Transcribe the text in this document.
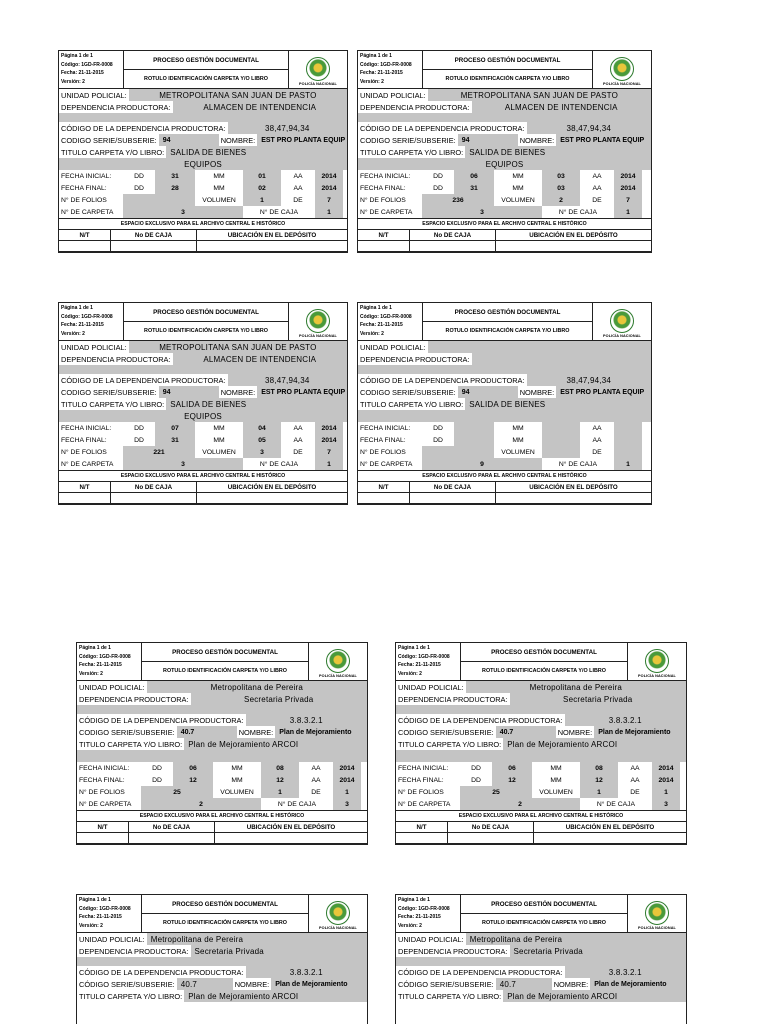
Página 1 de 1
Código: 1GD-FR-0008
Fecha: 21-11-2015
Versión: 2
PROCESO GESTIÓN DOCUMENTAL
ROTULO IDENTIFICACIÓN CARPETA Y/O LIBRO
POLICÍA NACIONAL
UNIDAD POLICIAL:	METROPOLITANA SAN JUAN DE PASTO
DEPENDENCIA PRODUCTORA:	ALMACEN DE INTENDENCIA
CÓDIGO DE LA DEPENDENCIA PRODUCTORA:	38,47,94,34
CODIGO SERIE/SUBSERIE: 94	NOMBRE: EST PRO PLANTA EQUIP
TITULO CARPETA Y/O LIBRO: SALIDA DE BIENES
EQUIPOS
FECHA INICIAL:	DD	31	MM	01	AA	2014
FECHA FINAL:	DD	28	MM	02	AA	2014
N° DE FOLIOS	VOLUMEN	1	DE	7
N° DE CARPETA	3	N° DE CAJA	1
ESPACIO EXCLUSIVO PARA EL ARCHIVO CENTRAL E HISTÓRICO
N/T	No DE CAJA	UBICACIÓN EN EL DEPÓSITO
Página 1 de 1
Código: 1GD-FR-0008
Fecha: 21-11-2015
Versión: 2
PROCESO GESTIÓN DOCUMENTAL
ROTULO IDENTIFICACIÓN CARPETA Y/O LIBRO
POLICÍA NACIONAL
UNIDAD POLICIAL:	METROPOLITANA SAN JUAN DE PASTO
DEPENDENCIA PRODUCTORA:	ALMACEN DE INTENDENCIA
CÓDIGO DE LA DEPENDENCIA PRODUCTORA:	38,47,94,34
CODIGO SERIE/SUBSERIE: 94	NOMBRE: EST PRO PLANTA EQUIP
TITULO CARPETA Y/O LIBRO: SALIDA DE BIENES
EQUIPOS
FECHA INICIAL:	DD	06	MM	03	AA	2014
FECHA FINAL:	DD	31	MM	03	AA	2014
N° DE FOLIOS	236	VOLUMEN	2	DE	7
N° DE CARPETA	3	N° DE CAJA	1
ESPACIO EXCLUSIVO PARA EL ARCHIVO CENTRAL E HISTÓRICO
N/T	No DE CAJA	UBICACIÓN EN EL DEPÓSITO
Página 1 de 1
Código: 1GD-FR-0008
Fecha: 21-11-2015
Versión: 2
PROCESO GESTIÓN DOCUMENTAL
ROTULO IDENTIFICACIÓN CARPETA Y/O LIBRO
POLICÍA NACIONAL
UNIDAD POLICIAL:	METROPOLITANA SAN JUAN DE PASTO
DEPENDENCIA PRODUCTORA:	ALMACEN DE INTENDENCIA
CÓDIGO DE LA DEPENDENCIA PRODUCTORA:	38,47,94,34
CODIGO SERIE/SUBSERIE: 94	NOMBRE: EST PRO PLANTA EQUIP
TITULO CARPETA Y/O LIBRO: SALIDA DE BIENES
EQUIPOS
FECHA INICIAL:	DD	07	MM	04	AA	2014
FECHA FINAL:	DD	31	MM	05	AA	2014
N° DE FOLIOS	221	VOLUMEN	3	DE	7
N° DE CARPETA	3	N° DE CAJA	1
ESPACIO EXCLUSIVO PARA EL ARCHIVO CENTRAL E HISTÓRICO
N/T	No DE CAJA	UBICACIÓN EN EL DEPÓSITO
Página 1 de 1
Código: 1GD-FR-0008
Fecha: 21-11-2015
Versión: 2
PROCESO GESTIÓN DOCUMENTAL
ROTULO IDENTIFICACIÓN CARPETA Y/O LIBRO
POLICÍA NACIONAL
UNIDAD POLICIAL:
DEPENDENCIA PRODUCTORA:
CÓDIGO DE LA DEPENDENCIA PRODUCTORA:	38,47,94,34
CODIGO SERIE/SUBSERIE: 94	NOMBRE: EST PRO PLANTA EQUIP
TITULO CARPETA Y/O LIBRO: SALIDA DE BIENES
FECHA INICIAL:	DD	MM	AA
FECHA FINAL:	DD	MM	AA
N° DE FOLIOS	VOLUMEN	DE
N° DE CARPETA	9	N° DE CAJA	1
ESPACIO EXCLUSIVO PARA EL ARCHIVO CENTRAL E HISTÓRICO
N/T	No DE CAJA	UBICACIÓN EN EL DEPÓSITO
Página 1 de 1
Código: 1GD-FR-0008
Fecha: 21-11-2015
Versión: 2
PROCESO GESTIÓN DOCUMENTAL
ROTULO IDENTIFICACIÓN CARPETA Y/O LIBRO
POLICÍA NACIONAL
UNIDAD POLICIAL:	Metropolitana de Pereira
DEPENDENCIA PRODUCTORA:	Secretaria Privada
CÓDIGO DE LA DEPENDENCIA PRODUCTORA:	3.8.3.2.1
CODIGO SERIE/SUBSERIE: 40.7	NOMBRE: Plan de Mejoramiento
TITULO CARPETA Y/O LIBRO: Plan de Mejoramiento ARCOI
FECHA INICIAL:	DD	06	MM	08	AA	2014
FECHA FINAL:	DD	12	MM	12	AA	2014
N° DE FOLIOS	25	VOLUMEN	1	DE	1
N° DE CARPETA	2	N° DE CAJA	3
ESPACIO EXCLUSIVO PARA EL ARCHIVO CENTRAL E HISTÓRICO
N/T	No DE CAJA	UBICACIÓN EN EL DEPÓSITO
Página 1 de 1
Código: 1GD-FR-0008
Fecha: 21-11-2015
Versión: 2
PROCESO GESTIÓN DOCUMENTAL
ROTULO IDENTIFICACIÓN CARPETA Y/O LIBRO
POLICÍA NACIONAL
UNIDAD POLICIAL:	Metropolitana de Pereira
DEPENDENCIA PRODUCTORA:	Secretaria Privada
CÓDIGO DE LA DEPENDENCIA PRODUCTORA:	3.8.3.2.1
CODIGO SERIE/SUBSERIE: 40.7	NOMBRE: Plan de Mejoramiento
TITULO CARPETA Y/O LIBRO: Plan de Mejoramiento ARCOI
FECHA INICIAL:	DD	06	MM	08	AA	2014
FECHA FINAL:	DD	12	MM	12	AA	2014
N° DE FOLIOS	25	VOLUMEN	1	DE	1
N° DE CARPETA	2	N° DE CAJA	3
ESPACIO EXCLUSIVO PARA EL ARCHIVO CENTRAL E HISTÓRICO
N/T	No DE CAJA	UBICACIÓN EN EL DEPÓSITO
Página 1 de 1
Código: 1GD-FR-0008
Fecha: 21-11-2015
Versión: 2
PROCESO GESTIÓN DOCUMENTAL
ROTULO IDENTIFICACIÓN CARPETA Y/O LIBRO
POLICÍA NACIONAL
UNIDAD POLICIAL: Metropolitana de Pereira
DEPENDENCIA PRODUCTORA: Secretaria Privada
CÓDIGO DE LA DEPENDENCIA PRODUCTORA:	3.8.3.2.1
CÓDIGO SERIE/SUBSERIE: 40.7	NOMBRE: Plan de Mejoramiento
TITULO CARPETA Y/O LIBRO: Plan de Mejoramiento ARCOI
Página 1 de 1
Código: 1GD-FR-0008
Fecha: 21-11-2015
Versión: 2
PROCESO GESTIÓN DOCUMENTAL
ROTULO IDENTIFICACIÓN CARPETA Y/O LIBRO
POLICÍA NACIONAL
UNIDAD POLICIAL: Metropolitana de Pereira
DEPENDENCIA PRODUCTORA: Secretaria Privada
CÓDIGO DE LA DEPENDENCIA PRODUCTORA:	3.8.3.2.1
CÓDIGO SERIE/SUBSERIE: 40.7	NOMBRE: Plan de Mejoramiento
TITULO CARPETA Y/O LIBRO: Plan de Mejoramiento ARCOI
